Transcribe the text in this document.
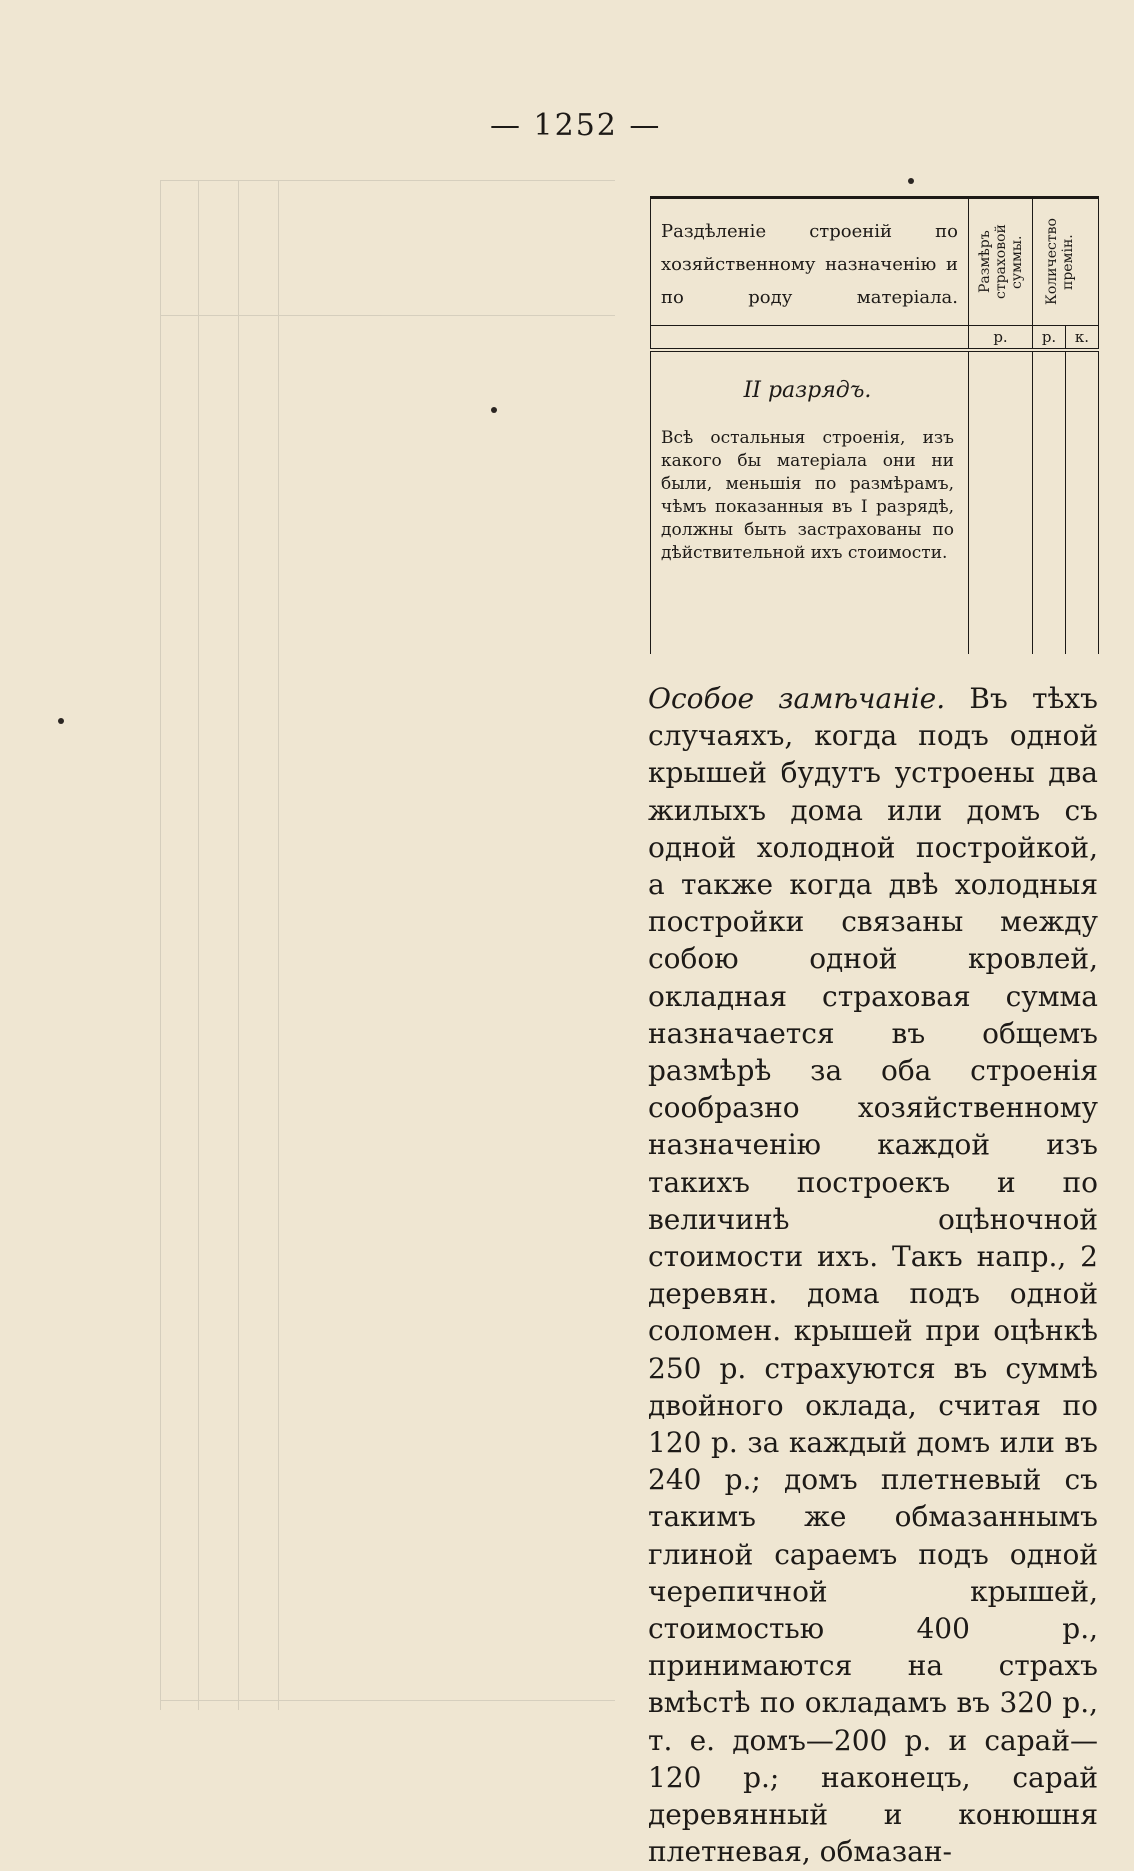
— 1252 —
Раздѣленіе строеній по хозяйственному назначенію и по роду матеріала.	Размѣръ страховой суммы.	Количество премін.	

	р.	р.	к.

II разрядъ.

Всѣ остальныя строенія, изъ какого бы матеріала они ни были, меньшія по размѣрамъ, чѣмъ показанныя въ I разрядѣ, должны быть застрахованы по дѣйствительной ихъ стоимости.			

Особое замѣчаніе. Въ тѣхъ случаяхъ, когда подъ одной крышей будутъ устроены два жилыхъ дома или домъ съ одной холодной постройкой, а также когда двѣ холодныя постройки связаны между собою одной кровлей, окладная страховая сумма назначается въ общемъ размѣрѣ за оба строенія сообразно хозяйственному назначенію каждой изъ такихъ построекъ и по величинѣ оцѣночной стоимости ихъ. Такъ напр., 2 деревян. дома подъ одной соломен. крышей при оцѣнкѣ 250 р. страхуются въ суммѣ двойного оклада, считая по 120 р. за каждый домъ или въ 240 р.; домъ плетневый съ такимъ же обмазаннымъ глиной сараемъ подъ одной черепичной крышей, стоимостью 400 р., принимаются на страхъ вмѣстѣ по окладамъ въ 320 р., т. е. домъ—200 р. и сарай—120 р.; наконецъ, сарай деревянный и конюшня плетневая, обмазан-
